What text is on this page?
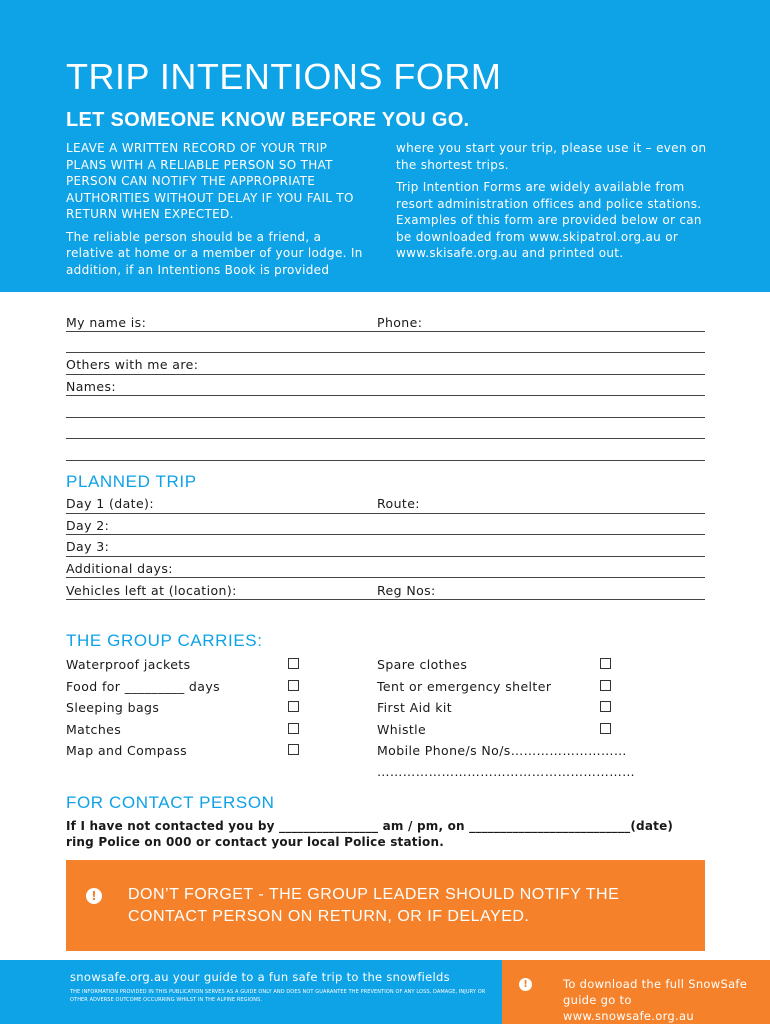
TRIP INTENTIONS FORM
LET SOMEONE KNOW BEFORE YOU GO.

LEAVE A WRITTEN RECORD OF YOUR TRIP PLANS WITH A RELIABLE PERSON SO THAT PERSON CAN NOTIFY THE APPROPRIATE AUTHORITIES WITHOUT DELAY IF YOU FAIL TO RETURN WHEN EXPECTED.

The reliable person should be a friend, a relative at home or a member of your lodge. In addition, if an Intentions Book is provided

where you start your trip, please use it – even on the shortest trips.

Trip Intention Forms are widely available from resort administration offices and police stations. Examples of this form are provided below or can be downloaded from www.skipatrol.org.au or www.skisafe.org.au and printed out.

My name is:	Phone:
Others with me are:
Names:
PLANNED TRIP
Day 1 (date):	Route:
Day 2:
Day 3:
Additional days:
Vehicles left at (location):	Reg Nos:
THE GROUP CARRIES:
Waterproof jackets
Food for _________ days
Sleeping bags
Matches
Map and Compass
Spare clothes
Tent or emergency shelter
First Aid kit
Whistle
Mobile Phone/s No/s………………………
……………………………………………………
FOR CONTACT PERSON
If I have not contacted you by ________________ am / pm, on __________________________(date)
ring Police on 000 or contact your local Police station.
!	DON’T FORGET - THE GROUP LEADER SHOULD NOTIFY THE CONTACT PERSON ON RETURN, OR IF DELAYED.
snowsafe.org.au your guide to a fun safe trip to the snowfields
THE INFORMATION PROVIDED IN THIS PUBLICATION SERVES AS A GUIDE ONLY AND DOES NOT GUARANTEE THE PREVENTION OF ANY LOSS, DAMAGE, INJURY OR OTHER ADVERSE OUTCOME OCCURRING WHILST IN THE ALPINE REGIONS.
!	To download the full SnowSafe guide go to www.snowsafe.org.au
